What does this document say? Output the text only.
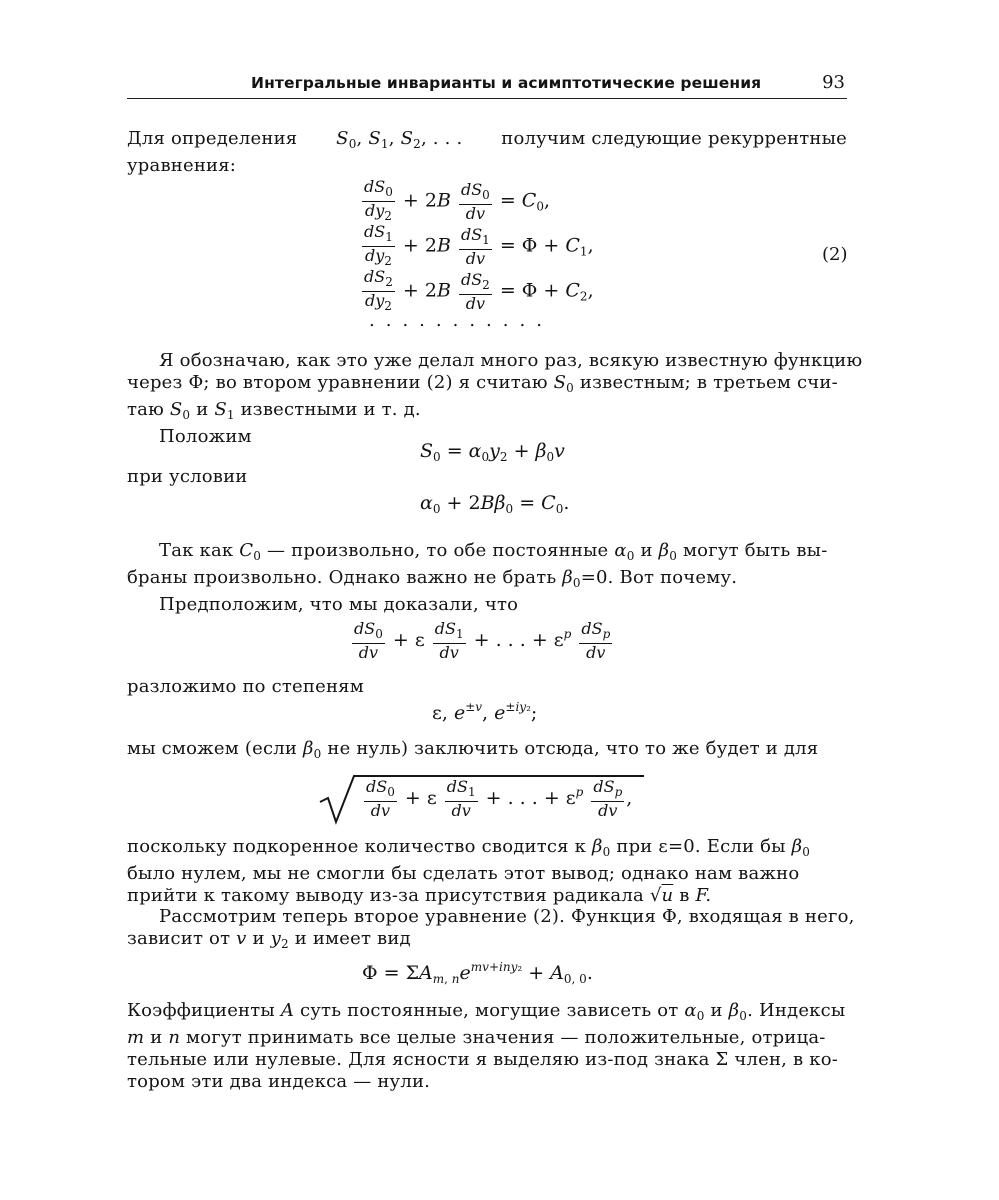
Интегральные инварианты и асимптотические решения	93
Для определения $S_0$, $S_1$, $S_2$, . . . получим следующие рекуррентные
уравнения:
$\frac{dS_0}{dy_2} + 2B \frac{dS_0}{dv} = C_0$,
$\frac{dS_1}{dy_2} + 2B \frac{dS_1}{dv} = \Phi + C_1$,
$\frac{dS_2}{dy_2} + 2B \frac{dS_2}{dv} = \Phi + C_2$,
(2)
...........
Я обозначаю, как это уже делал много раз, всякую известную функцию
через Φ; во втором уравнении (2) я считаю $S_0$ известным; в третьем счи-
таю $S_0$ и $S_1$ известными и т. д.
Положим
$S_0 = \alpha_0y_2 + \beta_0v$
при условии
$\alpha_0 + 2B\beta_0 = C_0$.
Так как $C_0$ — произвольно, то обе постоянные $\alpha_0$ и $\beta_0$ могут быть вы-
браны произвольно. Однако важно не брать $\beta_0=0$. Вот почему.
Предположим, что мы доказали, что
$\frac{dS_0}{dv} + \varepsilon \frac{dS_1}{dv}$ + . . . + $\varepsilon^p \frac{dS_p}{dv}$
разложимо по степеням
ε, $e^{\pm v}$, $e^{\pm iy_2}$;
мы сможем (если $\beta_0$ не нуль) заключить отсюда, что то же будет и для
$\frac{dS_0}{dv} + \varepsilon \frac{dS_1}{dv}$ + . . . + $\varepsilon^p \frac{dS_p}{dv}$ ,
поскольку подкоренное количество сводится к $\beta_0$ при ε=0. Если бы $\beta_0$
было нулем, мы не смогли бы сделать этот вывод; однако нам важно
прийти к такому выводу из-за присутствия радикала √u в F.
Рассмотрим теперь второе уравнение (2). Функция Φ, входящая в него,
зависит от v и $y_2$ и имеет вид
$\Phi = \Sigma A_{m, n}e^{mv+iny_2} + A_{0, 0}$.
Коэффициенты A суть постоянные, могущие зависеть от $\alpha_0$ и $\beta_0$. Индексы
m и n могут принимать все целые значения — положительные, отрица-
тельные или нулевые. Для ясности я выделяю из-под знака Σ член, в ко-
тором эти два индекса — нули.
